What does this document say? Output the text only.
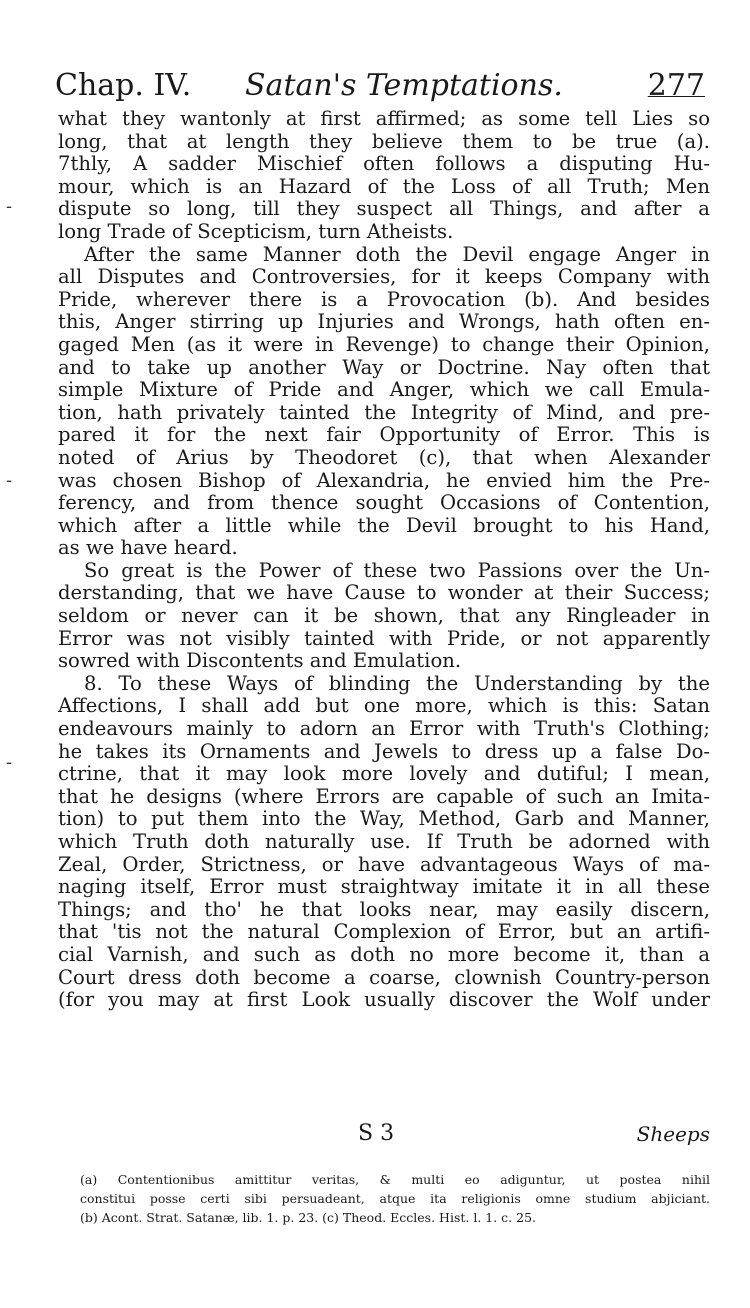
Chap. IV. Satan's Temptations.	277
-
-
-
what they wantonly at first affirmed; as some tell Lies so
long, that at length they believe them to be true (a).
7thly, A sadder Mischief often follows a disputing Hu-
mour, which is an Hazard of the Loss of all Truth; Men
dispute so long, till they suspect all Things, and after a
long Trade of Scepticism, turn Atheists.
After the same Manner doth the Devil engage Anger in
all Disputes and Controversies, for it keeps Company with
Pride, wherever there is a Provocation (b). And besides
this, Anger stirring up Injuries and Wrongs, hath often en-
gaged Men (as it were in Revenge) to change their Opinion,
and to take up another Way or Doctrine. Nay often that
simple Mixture of Pride and Anger, which we call Emula-
tion, hath privately tainted the Integrity of Mind, and pre-
pared it for the next fair Opportunity of Error. This is
noted of Arius by Theodoret (c), that when Alexander
was chosen Bishop of Alexandria, he envied him the Pre-
ferency, and from thence sought Occasions of Contention,
which after a little while the Devil brought to his Hand,
as we have heard.
So great is the Power of these two Passions over the Un-
derstanding, that we have Cause to wonder at their Success;
seldom or never can it be shown, that any Ringleader in
Error was not visibly tainted with Pride, or not apparently
sowred with Discontents and Emulation.
8. To these Ways of blinding the Understanding by the
Affections, I shall add but one more, which is this: Satan
endeavours mainly to adorn an Error with Truth's Clothing;
he takes its Ornaments and Jewels to dress up a false Do-
ctrine, that it may look more lovely and dutiful; I mean,
that he designs (where Errors are capable of such an Imita-
tion) to put them into the Way, Method, Garb and Manner,
which Truth doth naturally use. If Truth be adorned with
Zeal, Order, Strictness, or have advantageous Ways of ma-
naging itself, Error must straightway imitate it in all these
Things; and tho' he that looks near, may easily discern,
that 'tis not the natural Complexion of Error, but an artifi-
cial Varnish, and such as doth no more become it, than a
Court dress doth become a coarse, clownish Country-person
(for you may at first Look usually discover the Wolf under
S 3	Sheeps
(a) Contentionibus amittitur veritas, & multi eo adiguntur, ut postea nihil
constitui posse certi sibi persuadeant, atque ita religionis omne studium abjiciant.
(b) Acont. Strat. Satanæ, lib. 1. p. 23. (c) Theod. Eccles. Hist. l. 1. c. 25.
